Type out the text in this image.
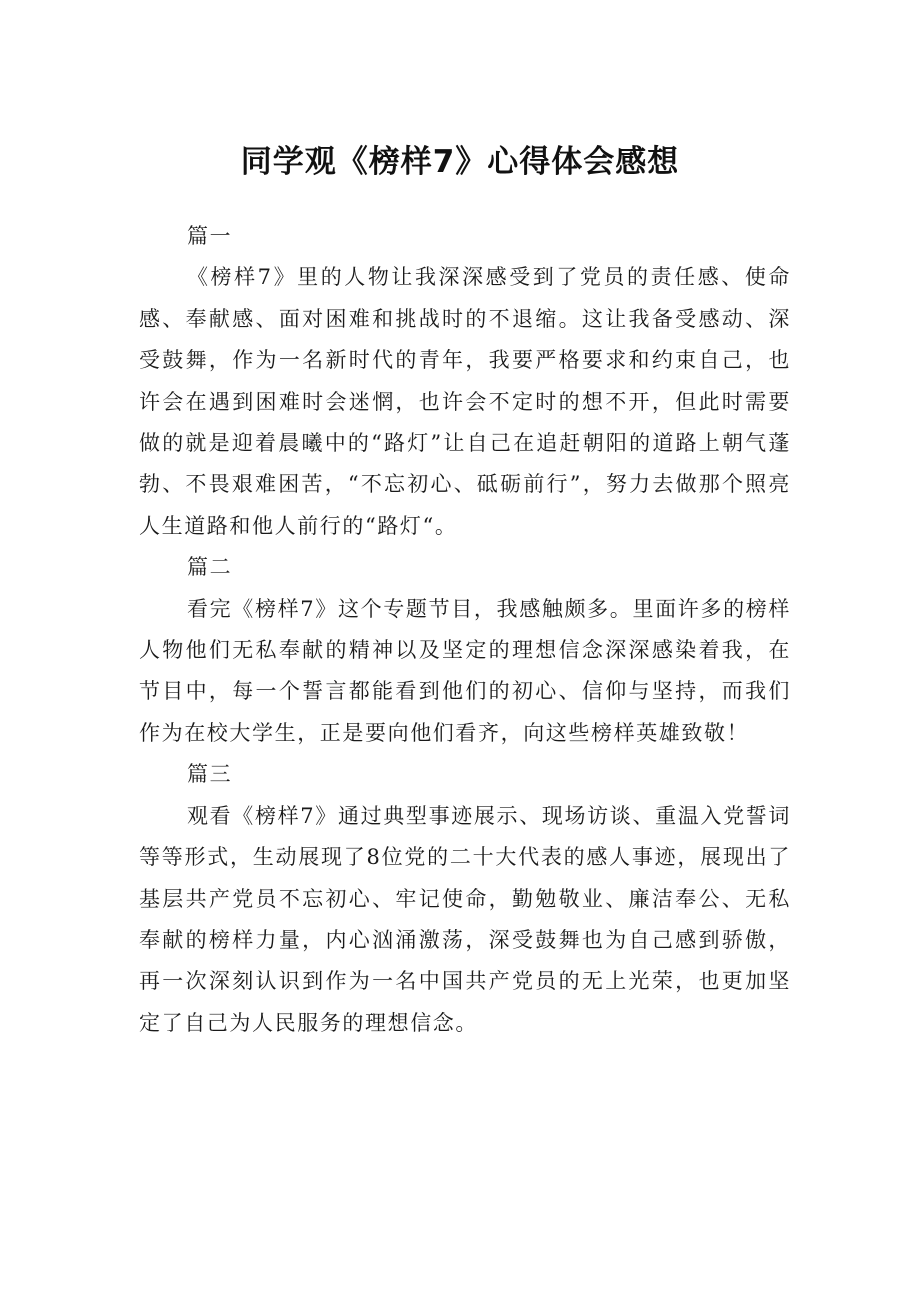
同学观《榜样7》心得体会感想

篇一

《榜样7》里的人物让我深深感受到了党员的责任感、使命感、奉献感、面对困难和挑战时的不退缩。这让我备受感动、深受鼓舞，作为一名新时代的青年，我要严格要求和约束自己，也许会在遇到困难时会迷惘，也许会不定时的想不开，但此时需要做的就是迎着晨曦中的“路灯”让自己在追赶朝阳的道路上朝气蓬勃、不畏艰难困苦，“不忘初心、砥砺前行”，努力去做那个照亮人生道路和他人前行的“路灯“。

篇二

看完《榜样7》这个专题节目，我感触颇多。里面许多的榜样人物他们无私奉献的精神以及坚定的理想信念深深感染着我，在节目中，每一个誓言都能看到他们的初心、信仰与坚持，而我们作为在校大学生，正是要向他们看齐，向这些榜样英雄致敬！

篇三

观看《榜样7》通过典型事迹展示、现场访谈、重温入党誓词等等形式，生动展现了8位党的二十大代表的感人事迹，展现出了基层共产党员不忘初心、牢记使命，勤勉敬业、廉洁奉公、无私奉献的榜样力量，内心汹涌激荡，深受鼓舞也为自己感到骄傲，再一次深刻认识到作为一名中国共产党员的无上光荣，也更加坚定了自己为人民服务的理想信念。
